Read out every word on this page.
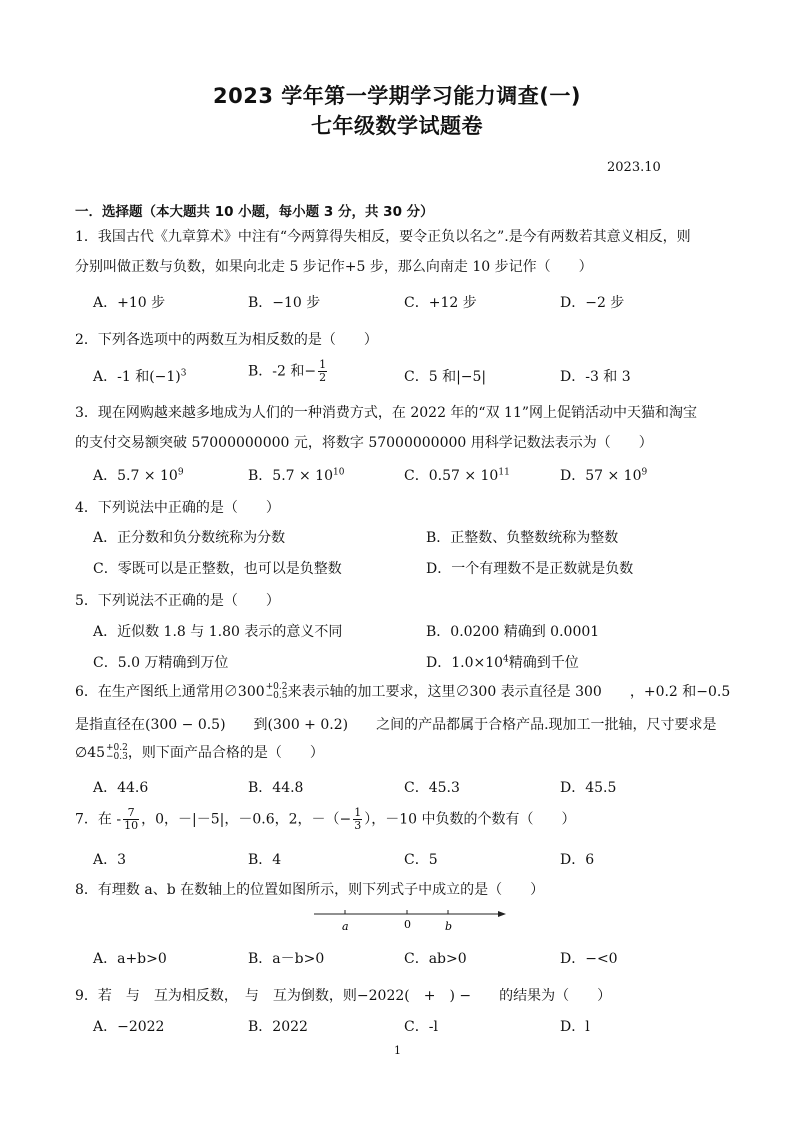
2023 学年第一学期学习能力调查(一)
七年级数学试题卷
2023.10
一．选择题（本大题共 10 小题，每小题 3 分，共 30 分）
1．我国古代《九章算术》中注有“今两算得失相反，要令正负以名之”.是今有两数若其意义相反，则
分别叫做正数与负数，如果向北走 5 步记作+5 步，那么向南走 10 步记作（　　）
A．+10 步	B．−10 步	C．+12 步	D．−2 步
2．下列各选项中的两数互为相反数的是（　　）
A．-1 和$(-1)^3$	B．-2 和− $\frac{1}{2}$	C．5 和|−5|	D．-3 和 3
3．现在网购越来越多地成为人们的一种消费方式，在 2022 年的“双 11”网上促销活动中天猫和淘宝
的支付交易额突破 57000000000 元，将数字 57000000000 用科学记数法表示为（　　）
A．$5.7 \times 10^9$	B．$5.7 \times 10^{10}$	C．$0.57 \times 10^{11}$	D．$57 \times 10^9$
4．下列说法中正确的是（　　）
A．正分数和负分数统称为分数	B．正整数、负整数统称为整数
C．零既可以是正整数，也可以是负整数	D．一个有理数不是正数就是负数
5．下列说法不正确的是（　　）
A．近似数 1.8 与 1.80 表示的意义不同	B．0.0200 精确到 0.0001
C．5.0 万精确到万位	D．$1.0\times 10^4$精确到千位
6．在生产图纸上通常用∅300 +0.2
−0.5 来表示轴的加工要求，这里∅300 表示直径是 300　　，+0.2 和−0.5
是指直径在(300 − 0.5)　　到(300 + 0.2)　　之间的产品都属于合格产品.现加工一批轴，尺寸要求是
∅45 +0.2
−0.3 ，则下面产品合格的是（　　）
A．44.6	B．44.8	C．45.3	D．45.5
7．在 - $\frac{7}{10}$ ，0，－|－5|，－0.6，2，－（− $\frac{1}{3}$ ），－10 中负数的个数有（　　）
A．3	B．4	C．5	D．6
8．有理数 a、b 在数轴上的位置如图所示，则下列式子中成立的是（　　）
a	0	b
A．a+b>0	B．a－b>0	C．ab>0	D．−<0
9．若　与　互为相反数，　与　互为倒数，则−2022(　+　) −　　的结果为（　　）
A．−2022	B．2022	C．-l	D．l
1
